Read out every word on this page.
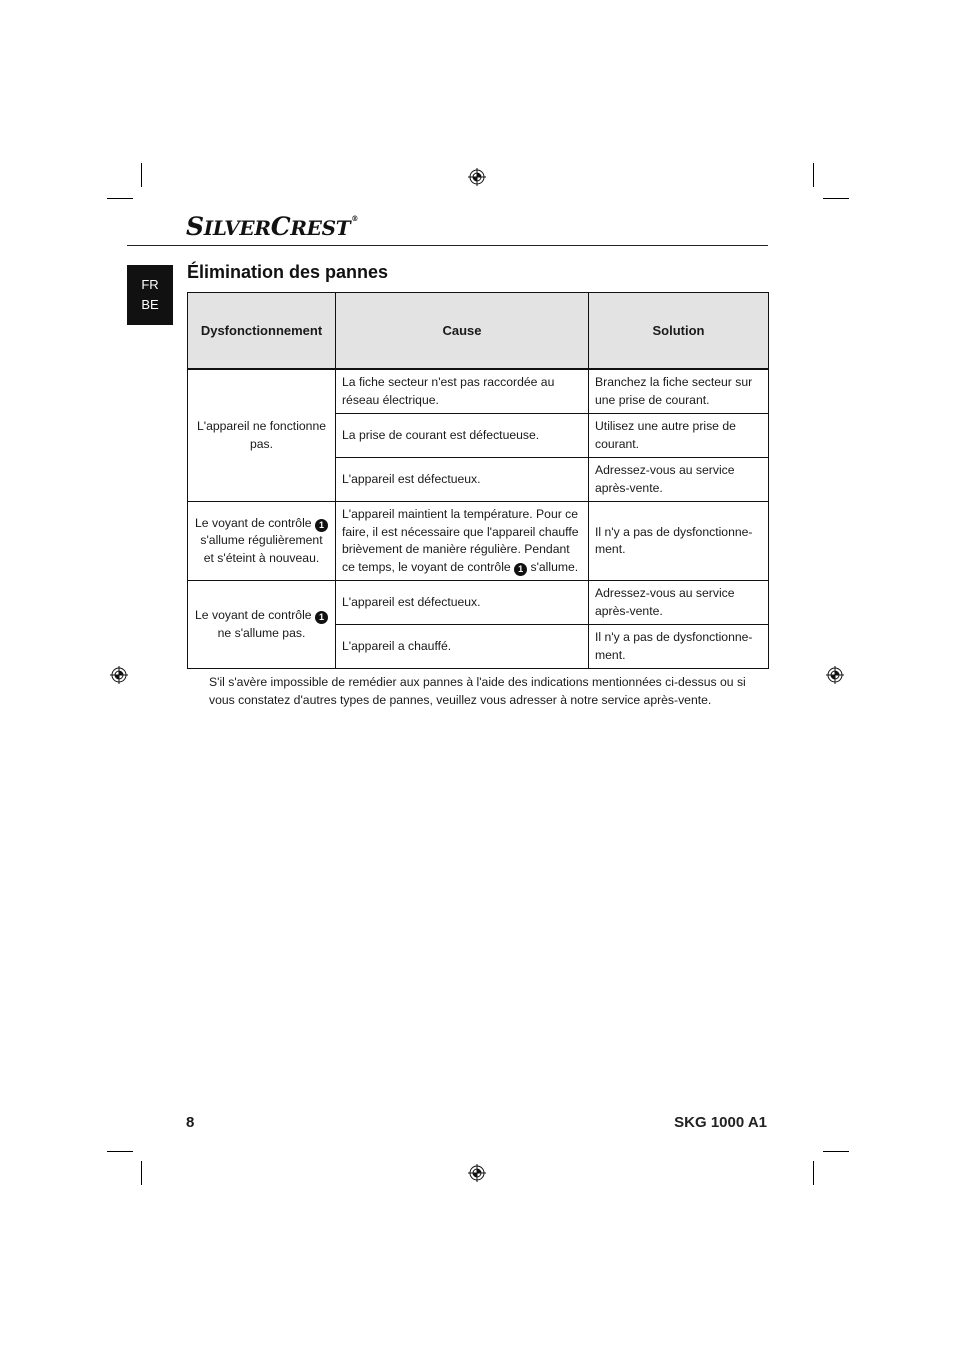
SILVERCREST®
FR
BE
Élimination des pannes
Dysfonctionnement	Cause	Solution
L'appareil ne fonctionne pas.	La fiche secteur n'est pas raccordée au réseau électrique.	Branchez la fiche secteur sur une prise de courant.
	La prise de courant est défectueuse.	Utilisez une autre prise de courant.
	L'appareil est défectueux.	Adressez-vous au service après-vente.
Le voyant de contrôle 1 s'allume régulièrement et s'éteint à nouveau.	L'appareil maintient la température. Pour ce faire, il est nécessaire que l'appareil chauffe brièvement de manière régulière. Pendant ce temps, le voyant de contrôle 1 s'allume.	Il n'y a pas de dysfonctionne-ment.
Le voyant de contrôle 1 ne s'allume pas.	L'appareil est défectueux.	Adressez-vous au service après-vente.
	L'appareil a chauffé.	Il n'y a pas de dysfonctionne-ment.

S'il s'avère impossible de remédier aux pannes à l'aide des indications mentionnées ci-dessus ou si vous constatez d'autres types de pannes, veuillez vous adresser à notre service après-vente.

8	SKG 1000 A1
